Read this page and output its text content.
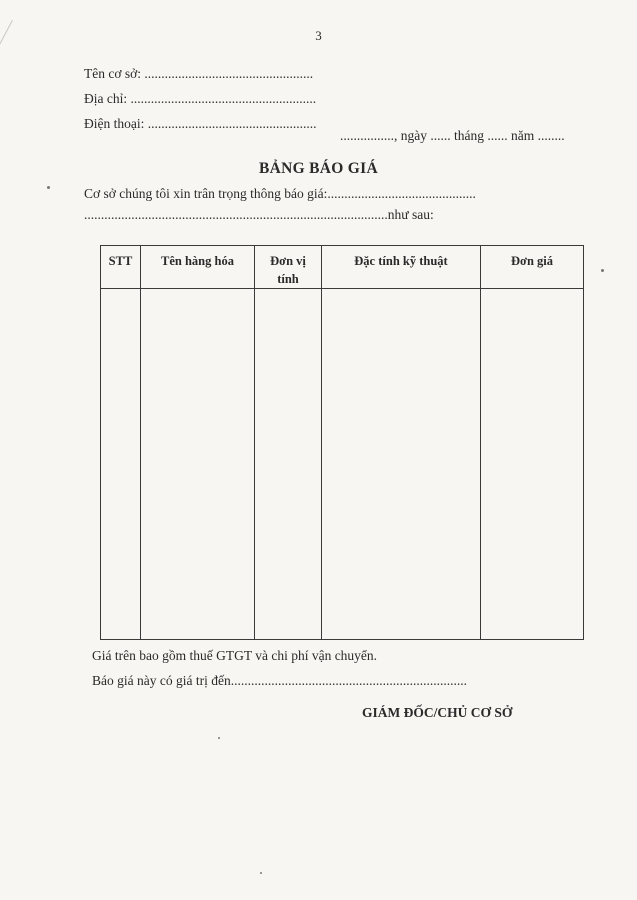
3
Tên cơ sở: ..................................................
Địa chỉ: .......................................................
Điện thoại: ..................................................
................, ngày ...... tháng ...... năm ........
BẢNG BÁO GIÁ
Cơ sở chúng tôi xin trân trọng thông báo giá:............................................
..........................................................................................như sau:
STT	Tên hàng hóa	Đơn vị tính	Đặc tính kỹ thuật	Đơn giá

Giá trên bao gồm thuế GTGT và chi phí vận chuyển.
Báo giá này có giá trị đến......................................................................
GIÁM ĐỐC/CHỦ CƠ SỞ
